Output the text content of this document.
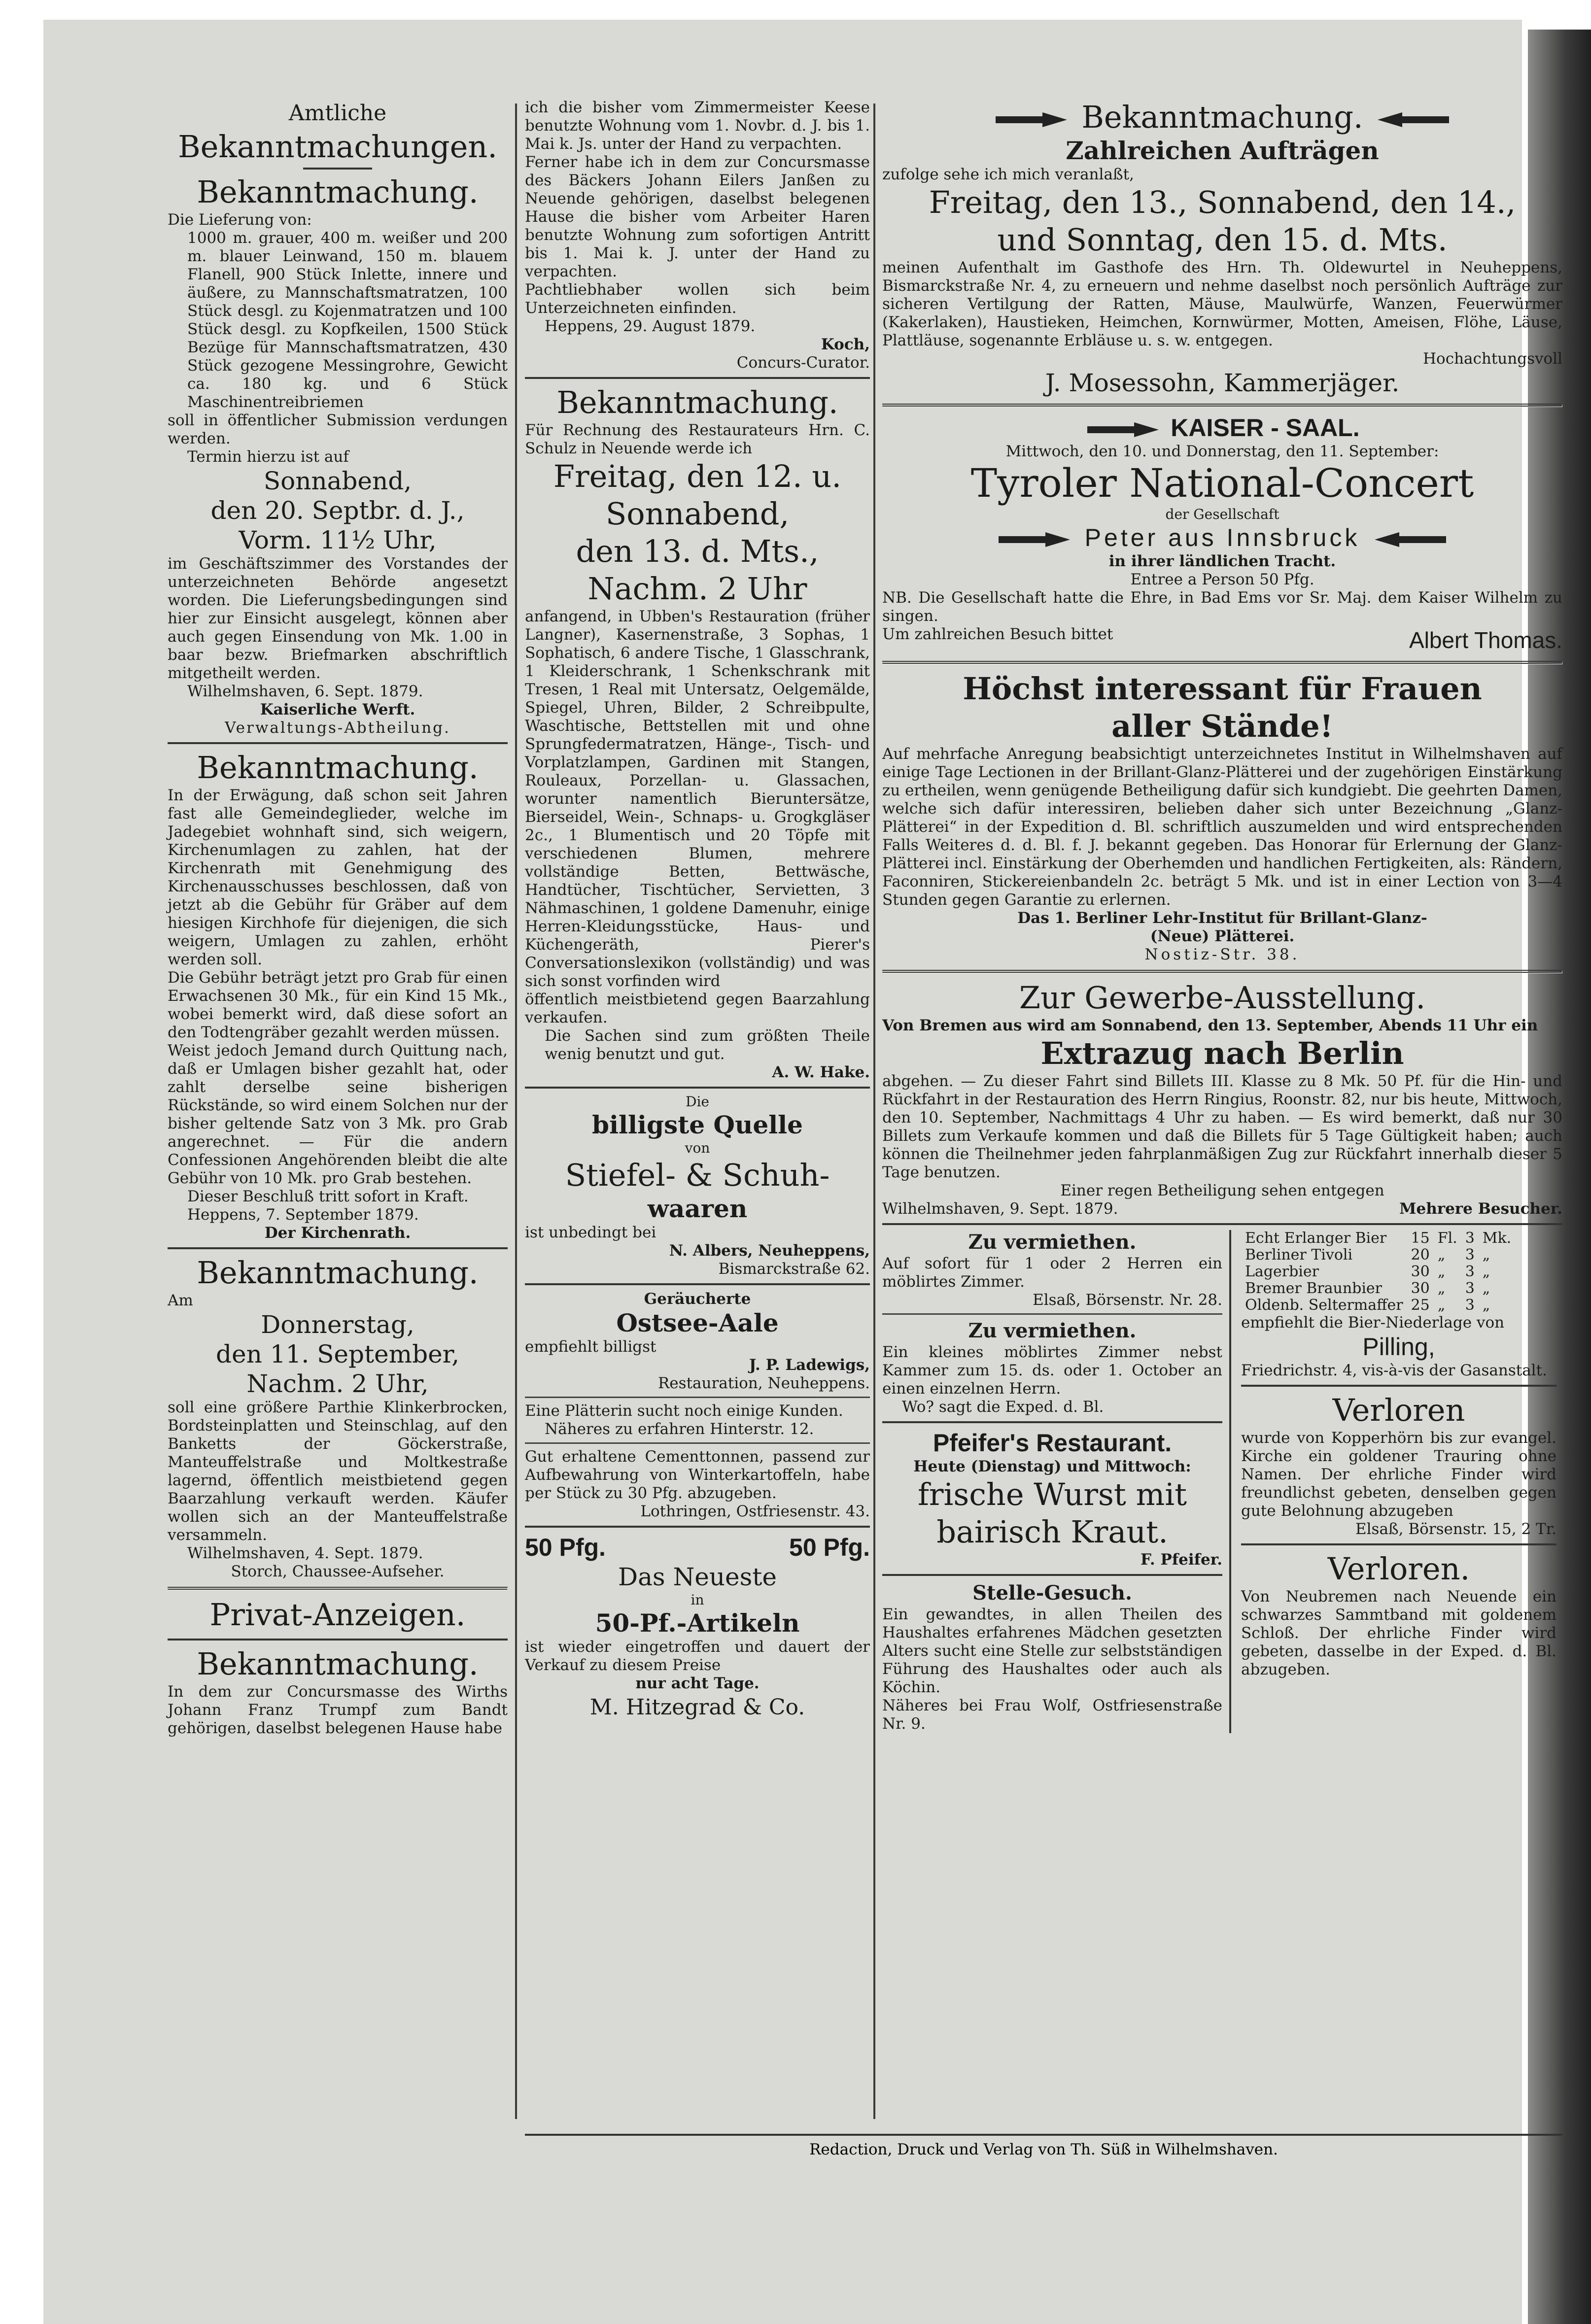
Amtliche

Bekanntmachungen.

Bekanntmachung.

Die Lieferung von:

1000 m. grauer, 400 m. weißer und 200 m. blauer Leinwand, 150 m. blauem Flanell, 900 Stück Inlette, innere und äußere, zu Mannschaftsmatratzen, 100 Stück desgl. zu Kojenmatratzen und 100 Stück desgl. zu Kopfkeilen, 1500 Stück Bezüge für Mannschaftsmatratzen, 430 Stück gezogene Messingrohre, Gewicht ca. 180 kg. und 6 Stück Maschinentreibriemen

soll in öffentlicher Submission verdungen werden.

Termin hierzu ist auf

Sonnabend,

den 20. Septbr. d. J.,

Vorm. 11½ Uhr,

im Geschäftszimmer des Vorstandes der unterzeichneten Behörde angesetzt worden. Die Lieferungsbedingungen sind hier zur Einsicht ausgelegt, können aber auch gegen Einsendung von Mk. 1.00 in baar bezw. Briefmarken abschriftlich mitgetheilt werden.

Wilhelmshaven, 6. Sept. 1879.

Kaiserliche Werft.

Verwaltungs-Abtheilung.

Bekanntmachung.

In der Erwägung, daß schon seit Jahren fast alle Gemeindeglieder, welche im Jadegebiet wohnhaft sind, sich weigern, Kirchenumlagen zu zahlen, hat der Kirchenrath mit Genehmigung des Kirchenausschusses beschlossen, daß von jetzt ab die Gebühr für Gräber auf dem hiesigen Kirchhofe für diejenigen, die sich weigern, Umlagen zu zahlen, erhöht werden soll.

Die Gebühr beträgt jetzt pro Grab für einen Erwachsenen 30 Mk., für ein Kind 15 Mk., wobei bemerkt wird, daß diese sofort an den Todtengräber gezahlt werden müssen.

Weist jedoch Jemand durch Quittung nach, daß er Umlagen bisher gezahlt hat, oder zahlt derselbe seine bisherigen Rückstände, so wird einem Solchen nur der bisher geltende Satz von 3 Mk. pro Grab angerechnet. — Für die andern Confessionen Angehörenden bleibt die alte Gebühr von 10 Mk. pro Grab bestehen.

Dieser Beschluß tritt sofort in Kraft.

Heppens, 7. September 1879.

Der Kirchenrath.

Bekanntmachung.

Am

Donnerstag,

den 11. September,

Nachm. 2 Uhr,

soll eine größere Parthie Klinkerbrocken, Bordsteinplatten und Steinschlag, auf den Banketts der Göckerstraße, Manteuffelstraße und Moltkestraße lagernd, öffentlich meistbietend gegen Baarzahlung verkauft werden. Käufer wollen sich an der Manteuffelstraße versammeln.

Wilhelmshaven, 4. Sept. 1879.

Storch, Chaussee-Aufseher.

Privat-Anzeigen.

Bekanntmachung.

In dem zur Concursmasse des Wirths Johann Franz Trumpf zum Bandt gehörigen, daselbst belegenen Hause habe

ich die bisher vom Zimmermeister Keese benutzte Wohnung vom 1. Novbr. d. J. bis 1. Mai k. Js. unter der Hand zu verpachten.

Ferner habe ich in dem zur Concursmasse des Bäckers Johann Eilers Janßen zu Neuende gehörigen, daselbst belegenen Hause die bisher vom Arbeiter Haren benutzte Wohnung zum sofortigen Antritt bis 1. Mai k. J. unter der Hand zu verpachten.

Pachtliebhaber wollen sich beim Unterzeichneten einfinden.

Heppens, 29. August 1879.

Koch,

Concurs-Curator.

Bekanntmachung.

Für Rechnung des Restaurateurs Hrn. C. Schulz in Neuende werde ich

Freitag, den 12. u.

Sonnabend,

den 13. d. Mts.,

Nachm. 2 Uhr

anfangend, in Ubben's Restauration (früher Langner), Kasernenstraße, 3 Sophas, 1 Sophatisch, 6 andere Tische, 1 Glasschrank, 1 Kleiderschrank, 1 Schenkschrank mit Tresen, 1 Real mit Untersatz, Oelgemälde, Spiegel, Uhren, Bilder, 2 Schreibpulte, Waschtische, Bettstellen mit und ohne Sprungfedermatratzen, Hänge-, Tisch- und Vorplatzlampen, Gardinen mit Stangen, Rouleaux, Porzellan- u. Glassachen, worunter namentlich Bieruntersätze, Bierseidel, Wein-, Schnaps- u. Grogkgläser 2c., 1 Blumentisch und 20 Töpfe mit verschiedenen Blumen, mehrere vollständige Betten, Bettwäsche, Handtücher, Tischtücher, Servietten, 3 Nähmaschinen, 1 goldene Damenuhr, einige Herren-Kleidungsstücke, Haus- und Küchengeräth, Pierer's Conversationslexikon (vollständig) und was sich sonst vorfinden wird

öffentlich meistbietend gegen Baarzahlung verkaufen.

Die Sachen sind zum größten Theile wenig benutzt und gut.

A. W. Hake.

Die

billigste Quelle

von

Stiefel- & Schuh-

waaren

ist unbedingt bei

N. Albers, Neuheppens,

Bismarckstraße 62.

Geräucherte

Ostsee-Aale

empfiehlt billigst

J. P. Ladewigs,

Restauration, Neuheppens.

Eine Plätterin sucht noch einige Kunden.

Näheres zu erfahren Hinterstr. 12.

Gut erhaltene Cementtonnen, passend zur Aufbewahrung von Winterkartoffeln, habe per Stück zu 30 Pfg. abzugeben.

Lothringen, Ostfriesenstr. 43.

50 Pfg.	50 Pfg.

Das Neueste

in

50-Pf.-Artikeln

ist wieder eingetroffen und dauert der Verkauf zu diesem Preise

nur acht Tage.

M. Hitzegrad & Co.

Bekanntmachung.

Zahlreichen Aufträgen

zufolge sehe ich mich veranlaßt,

Freitag, den 13., Sonnabend, den 14.,

und Sonntag, den 15. d. Mts.

meinen Aufenthalt im Gasthofe des Hrn. Th. Oldewurtel in Neuheppens, Bismarckstraße Nr. 4, zu erneuern und nehme daselbst noch persönlich Aufträge zur sicheren Vertilgung der Ratten, Mäuse, Maulwürfe, Wanzen, Feuerwürmer (Kakerlaken), Haustieken, Heimchen, Kornwürmer, Motten, Ameisen, Flöhe, Läuse, Plattläuse, sogenannte Erbläuse u. s. w. entgegen.

Hochachtungsvoll

J. Mosessohn, Kammerjäger.

KAISER - SAAL.

Mittwoch, den 10. und Donnerstag, den 11. September:

Tyroler National-Concert

der Gesellschaft

Peter aus Innsbruck

in ihrer ländlichen Tracht.

Entree a Person 50 Pfg.

NB. Die Gesellschaft hatte die Ehre, in Bad Ems vor Sr. Maj. dem Kaiser Wilhelm zu singen.

Um zahlreichen Besuch bittet	Albert Thomas.

Höchst interessant für Frauen

aller Stände!

Auf mehrfache Anregung beabsichtigt unterzeichnetes Institut in Wilhelmshaven auf einige Tage Lectionen in der Brillant-Glanz-Plätterei und der zugehörigen Einstärkung zu ertheilen, wenn genügende Betheiligung dafür sich kundgiebt. Die geehrten Damen, welche sich dafür interessiren, belieben daher sich unter Bezeichnung „Glanz-Plätterei“ in der Expedition d. Bl. schriftlich auszumelden und wird entsprechenden Falls Weiteres d. d. Bl. f. J. bekannt gegeben. Das Honorar für Erlernung der Glanz-Plätterei incl. Einstärkung der Oberhemden und handlichen Fertigkeiten, als: Rändern, Faconniren, Stickereienbandeln 2c. beträgt 5 Mk. und ist in einer Lection von 3—4 Stunden gegen Garantie zu erlernen.

Das 1. Berliner Lehr-Institut für Brillant-Glanz-

(Neue) Plätterei.

Nostiz-Str. 38.

Zur Gewerbe-Ausstellung.

Von Bremen aus wird am Sonnabend, den 13. September, Abends 11 Uhr ein

Extrazug nach Berlin

abgehen. — Zu dieser Fahrt sind Billets III. Klasse zu 8 Mk. 50 Pf. für die Hin- und Rückfahrt in der Restauration des Herrn Ringius, Roonstr. 82, nur bis heute, Mittwoch, den 10. September, Nachmittags 4 Uhr zu haben. — Es wird bemerkt, daß nur 30 Billets zum Verkaufe kommen und daß die Billets für 5 Tage Gültigkeit haben; auch können die Theilnehmer jeden fahrplanmäßigen Zug zur Rückfahrt innerhalb dieser 5 Tage benutzen.

Einer regen Betheiligung sehen entgegen

Wilhelmshaven, 9. Sept. 1879.	Mehrere Besucher.

Zu vermiethen.

Auf sofort für 1 oder 2 Herren ein möblirtes Zimmer.

Elsaß, Börsenstr. Nr. 28.

Zu vermiethen.

Ein kleines möblirtes Zimmer nebst Kammer zum 15. ds. oder 1. October an einen einzelnen Herrn.

Wo? sagt die Exped. d. Bl.

Pfeifer's Restaurant.

Heute (Dienstag) und Mittwoch:

frische Wurst mit

bairisch Kraut.

F. Pfeifer.

Stelle-Gesuch.

Ein gewandtes, in allen Theilen des Haushaltes erfahrenes Mädchen gesetzten Alters sucht eine Stelle zur selbstständigen Führung des Haushaltes oder auch als Köchin.

Näheres bei Frau Wolf, Ostfriesenstraße Nr. 9.

Echt Erlanger Bier	15	Fl.	3	Mk.
Berliner Tivoli	20	„	3	„
Lagerbier	30	„	3	„
Bremer Braunbier	30	„	3	„
Oldenb. Seltermaffer	25	„	3	„

empfiehlt die Bier-Niederlage von

Pilling,

Friedrichstr. 4, vis-à-vis der Gasanstalt.

Verloren

wurde von Kopperhörn bis zur evangel. Kirche ein goldener Trauring ohne Namen. Der ehrliche Finder wird freundlichst gebeten, denselben gegen gute Belohnung abzugeben

Elsaß, Börsenstr. 15, 2 Tr.

Verloren.

Von Neubremen nach Neuende ein schwarzes Sammtband mit goldenem Schloß. Der ehrliche Finder wird gebeten, dasselbe in der Exped. d. Bl. abzugeben.

Redaction, Druck und Verlag von Th. Süß in Wilhelmshaven.
